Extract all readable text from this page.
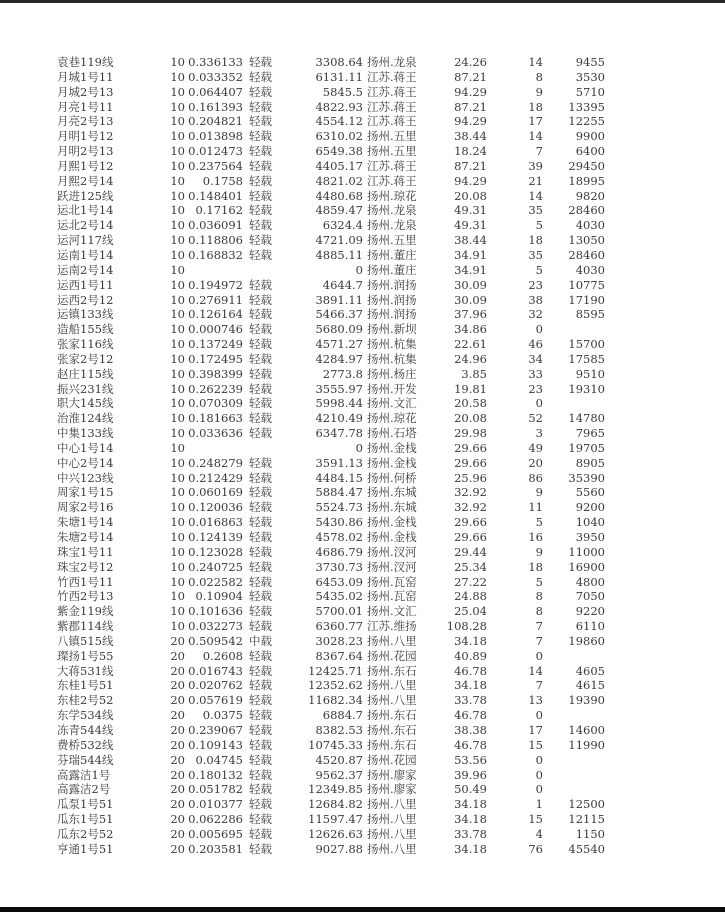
袁巷119线	10 0.336133 轻载	3308.64 扬州.龙泉	24.26	14	9455
月城1号11	10 0.033352 轻载	6131.11 江苏.蒋王	87.21	8	3530
月城2号13	10 0.064407 轻载	5845.5 江苏.蒋王	94.29	9	5710
月亮1号11	10 0.161393 轻载	4822.93 江苏.蒋王	87.21	18	13395
月亮2号13	10 0.204821 轻载	4554.12 江苏.蒋王	94.29	17	12255
月明1号12	10 0.013898 轻载	6310.02 扬州.五里	38.44	14	9900
月明2号13	10 0.012473 轻载	6549.38 扬州.五里	18.24	7	6400
月熙1号12	10 0.237564 轻载	4405.17 江苏.蒋王	87.21	39	29450
月熙2号14	10	0.1758 轻载	4821.02 江苏.蒋王	94.29	21	18995
跃进125线	10 0.148401 轻载	4480.68 扬州.琼花	20.08	14	9820
运北1号14	10 0.17162 轻载	4859.47 扬州.龙泉	49.31	35	28460
运北2号14	10 0.036091 轻载	6324.4 扬州.龙泉	49.31	5	4030
运河117线	10 0.118806 轻载	4721.09 扬州.五里	38.44	18	13050
运南1号14	10 0.168832 轻载	4885.11 扬州.董庄	34.91	35	28460
运南2号14	10	0 扬州.董庄	34.91	5	4030
运西1号11	10 0.194972 轻载	4644.7 扬州.润扬	30.09	23	10775
运西2号12	10 0.276911 轻载	3891.11 扬州.润扬	30.09	38	17190
运镇133线	10 0.126164 轻载	5466.37 扬州.润扬	37.96	32	8595
造船155线	10 0.000746 轻载	5680.09 扬州.新坝	34.86	0
张家116线	10 0.137249 轻载	4571.27 扬州.杭集	22.61	46	15700
张家2号12	10 0.172495 轻载	4284.97 扬州.杭集	24.96	34	17585
赵庄115线	10 0.398399 轻载	2773.8 扬州.杨庄	3.85	33	9510
振兴231线	10 0.262239 轻载	3555.97 扬州.开发	19.81	23	19310
职大145线	10 0.070309 轻载	5998.44 扬州.文汇	20.58	0
治淮124线	10 0.181663 轻载	4210.49 扬州.琼花	20.08	52	14780
中集133线	10 0.033636 轻载	6347.78 扬州.石塔	29.98	3	7965
中心1号14	10	0 扬州.金栈	29.66	49	19705
中心2号14	10 0.248279 轻载	3591.13 扬州.金栈	29.66	20	8905
中兴123线	10 0.212429 轻载	4484.15 扬州.何桥	25.96	86	35390
周家1号15	10 0.060169 轻载	5884.47 扬州.东城	32.92	9	5560
周家2号16	10 0.120036 轻载	5524.73 扬州.东城	32.92	11	9200
朱塘1号14	10 0.016863 轻载	5430.86 扬州.金栈	29.66	5	1040
朱塘2号14	10 0.124139 轻载	4578.02 扬州.金栈	29.66	16	3950
珠宝1号11	10 0.123028 轻载	4686.79 扬州.汊河	29.44	9	11000
珠宝2号12	10 0.240725 轻载	3730.73 扬州.汊河	25.34	18	16900
竹西1号11	10 0.022582 轻载	6453.09 扬州.瓦窑	27.22	5	4800
竹西2号13	10 0.10904 轻载	5435.02 扬州.瓦窑	24.88	8	7050
紫金119线	10 0.101636 轻载	5700.01 扬州.文汇	25.04	8	9220
紫郡114线	10 0.032273 轻载	6360.77 江苏.维扬	108.28	7	6110
八镇515线	20 0.509542 中载	3028.23 扬州.八里	34.18	7	19860
璨扬1号55	20	0.2608 轻载	8367.64 扬州.花园	40.89	0
大蒋531线	20 0.016743 轻载	12425.71 扬州.东石	46.78	14	4605
东桂1号51	20 0.020762 轻载	12352.62 扬州.八里	34.18	7	4615
东桂2号52	20 0.057619 轻载	11682.34 扬州.八里	33.78	13	19390
东学534线	20	0.0375 轻载	6884.7 扬州.东石	46.78	0
冻青544线	20 0.239067 轻载	8382.53 扬州.东石	38.38	17	14600
费桥532线	20 0.109143 轻载	10745.33 扬州.东石	46.78	15	11990
芬瑞544线	20 0.04745 轻载	4520.87 扬州.花园	53.56	0
高露洁1号	20 0.180132 轻载	9562.37 扬州.廖家	39.96	0
高露洁2号	20 0.051782 轻载	12349.85 扬州.廖家	50.49	0
瓜泵1号51	20 0.010377 轻载	12684.82 扬州.八里	34.18	1	12500
瓜东1号51	20 0.062286 轻载	11597.47 扬州.八里	34.18	15	12115
瓜东2号52	20 0.005695 轻载	12626.63 扬州.八里	33.78	4	1150
亨通1号51	20 0.203581 轻载	9027.88 扬州.八里	34.18	76	45540
